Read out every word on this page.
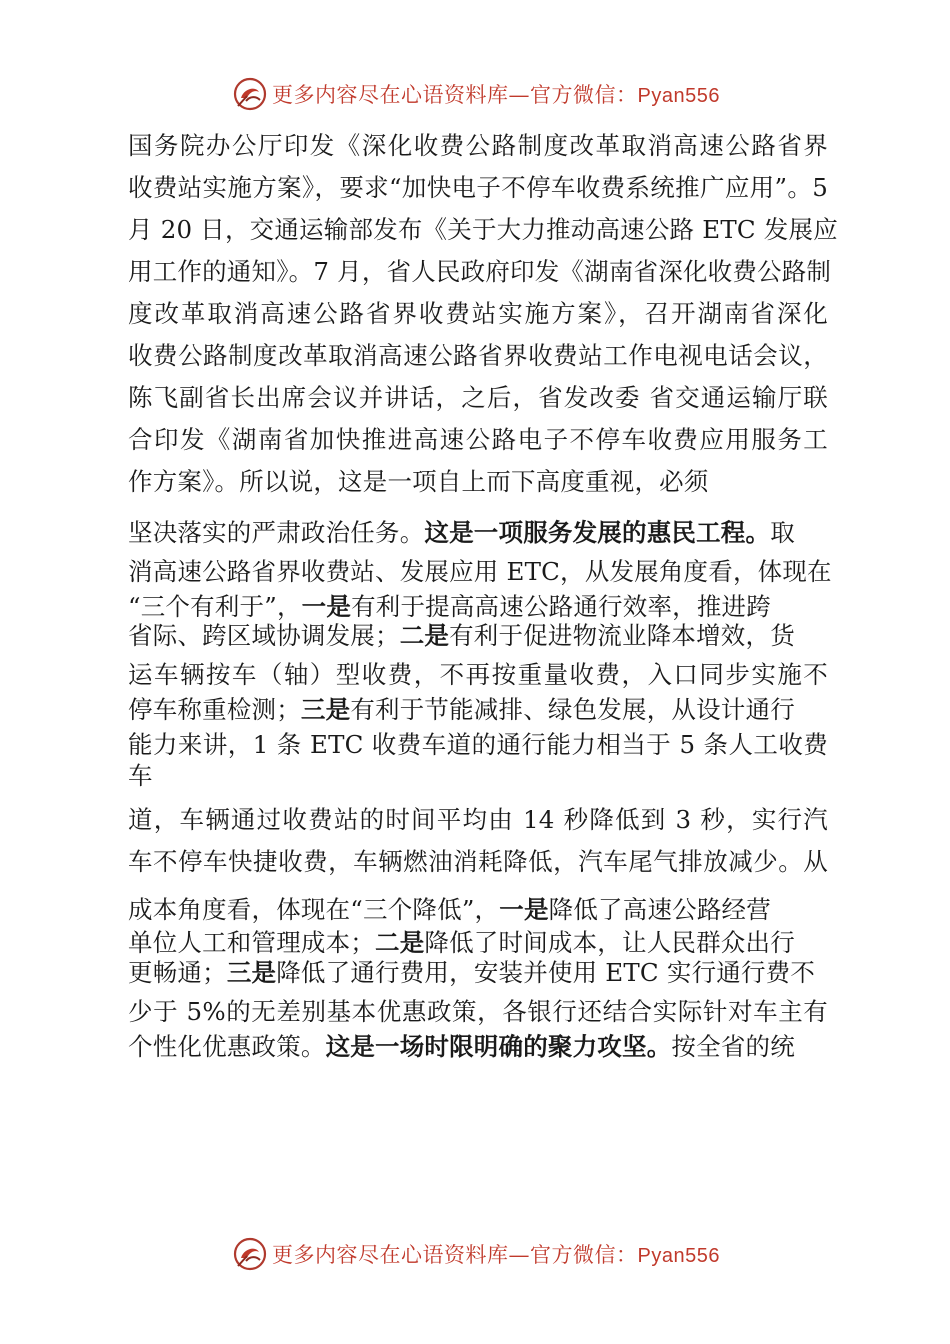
更多内容尽在心语资料库—官方微信：Pyan556
国务院办公厅印发《深化收费公路制度改革取消高速公路省界
收费站实施方案》，要求“加快电子不停车收费系统推广应用”。5
月 20 日，交通运输部发布《关于大力推动高速公路 ETC 发展应
用工作的通知》。7 月，省人民政府印发《湖南省深化收费公路制
度改革取消高速公路省界收费站实施方案》，召开湖南省深化
收费公路制度改革取消高速公路省界收费站工作电视电话会议，
陈飞副省长出席会议并讲话，之后，省发改委 省交通运输厅联
合印发《湖南省加快推进高速公路电子不停车收费应用服务工
作方案》。所以说，这是一项自上而下高度重视，必须
坚决落实的严肃政治任务。这是一项服务发展的惠民工程。取
消高速公路省界收费站、发展应用 ETC，从发展角度看，体现在
“三个有利于”，一是有利于提高高速公路通行效率，推进跨
省际、跨区域协调发展；二是有利于促进物流业降本增效，货
运车辆按车（轴）型收费，不再按重量收费，入口同步实施不
停车称重检测；三是有利于节能减排、绿色发展，从设计通行
能力来讲，1 条 ETC 收费车道的通行能力相当于 5 条人工收费
车
道，车辆通过收费站的时间平均由 14 秒降低到 3 秒，实行汽
车不停车快捷收费，车辆燃油消耗降低，汽车尾气排放减少。从
成本角度看，体现在“三个降低”，一是降低了高速公路经营
单位人工和管理成本；二是降低了时间成本，让人民群众出行
更畅通；三是降低了通行费用，安装并使用 ETC 实行通行费不
少于 5%的无差别基本优惠政策，各银行还结合实际针对车主有
个性化优惠政策。这是一场时限明确的聚力攻坚。按全省的统
更多内容尽在心语资料库—官方微信：Pyan556
